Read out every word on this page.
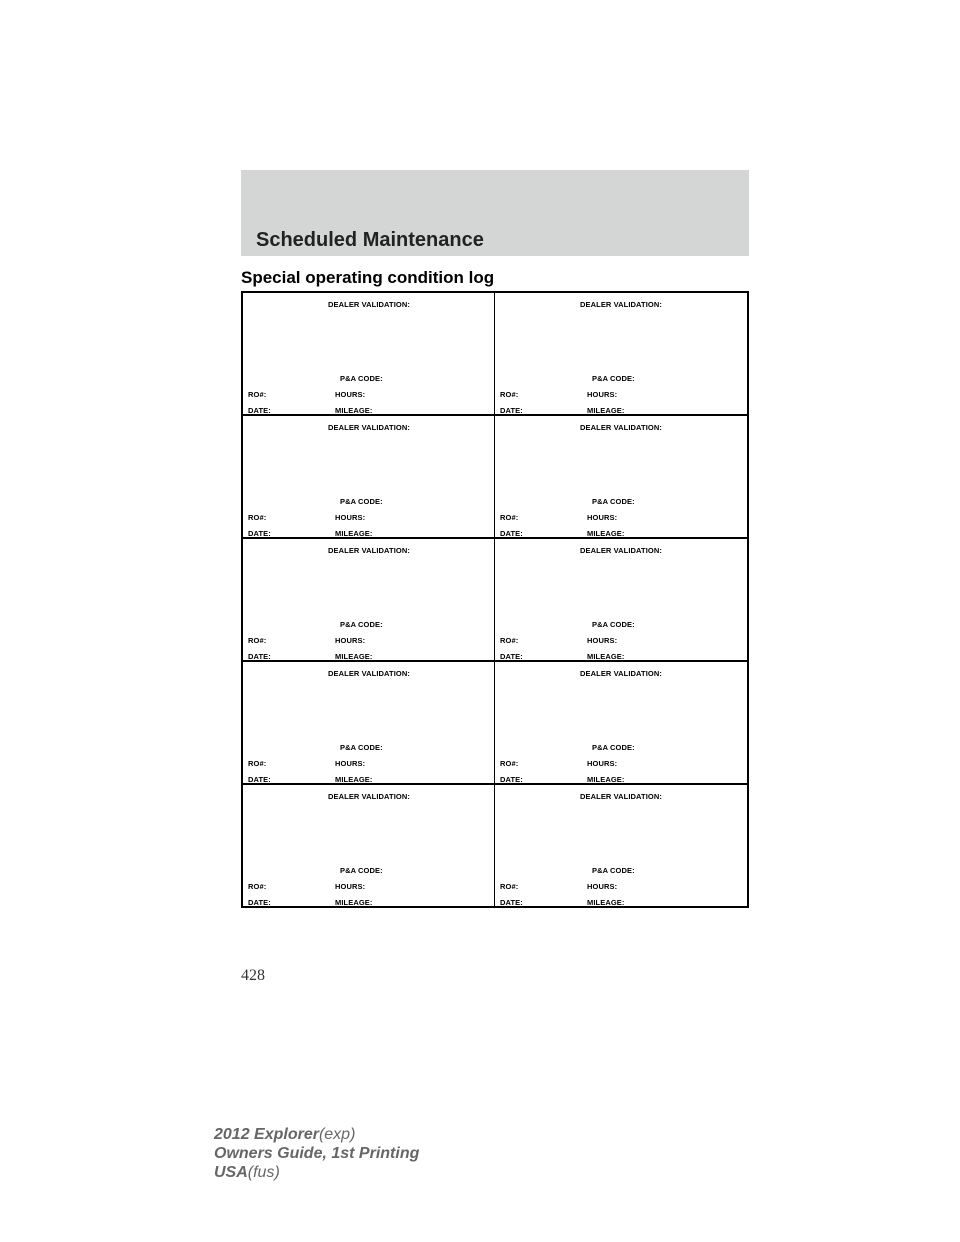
Scheduled Maintenance
Special operating condition log
DEALER VALIDATION:
P&A CODE:
RO#:	HOURS:
DATE:	MILEAGE:
DEALER VALIDATION:
P&A CODE:
RO#:	HOURS:
DATE:	MILEAGE:
DEALER VALIDATION:
P&A CODE:
RO#:	HOURS:
DATE:	MILEAGE:
DEALER VALIDATION:
P&A CODE:
RO#:	HOURS:
DATE:	MILEAGE:
DEALER VALIDATION:
P&A CODE:
RO#:	HOURS:
DATE:	MILEAGE:
DEALER VALIDATION:
P&A CODE:
RO#:	HOURS:
DATE:	MILEAGE:
DEALER VALIDATION:
P&A CODE:
RO#:	HOURS:
DATE:	MILEAGE:
DEALER VALIDATION:
P&A CODE:
RO#:	HOURS:
DATE:	MILEAGE:
DEALER VALIDATION:
P&A CODE:
RO#:	HOURS:
DATE:	MILEAGE:
DEALER VALIDATION:
P&A CODE:
RO#:	HOURS:
DATE:	MILEAGE:
428
2012 Explorer(exp)
Owners Guide, 1st Printing
USA(fus)
